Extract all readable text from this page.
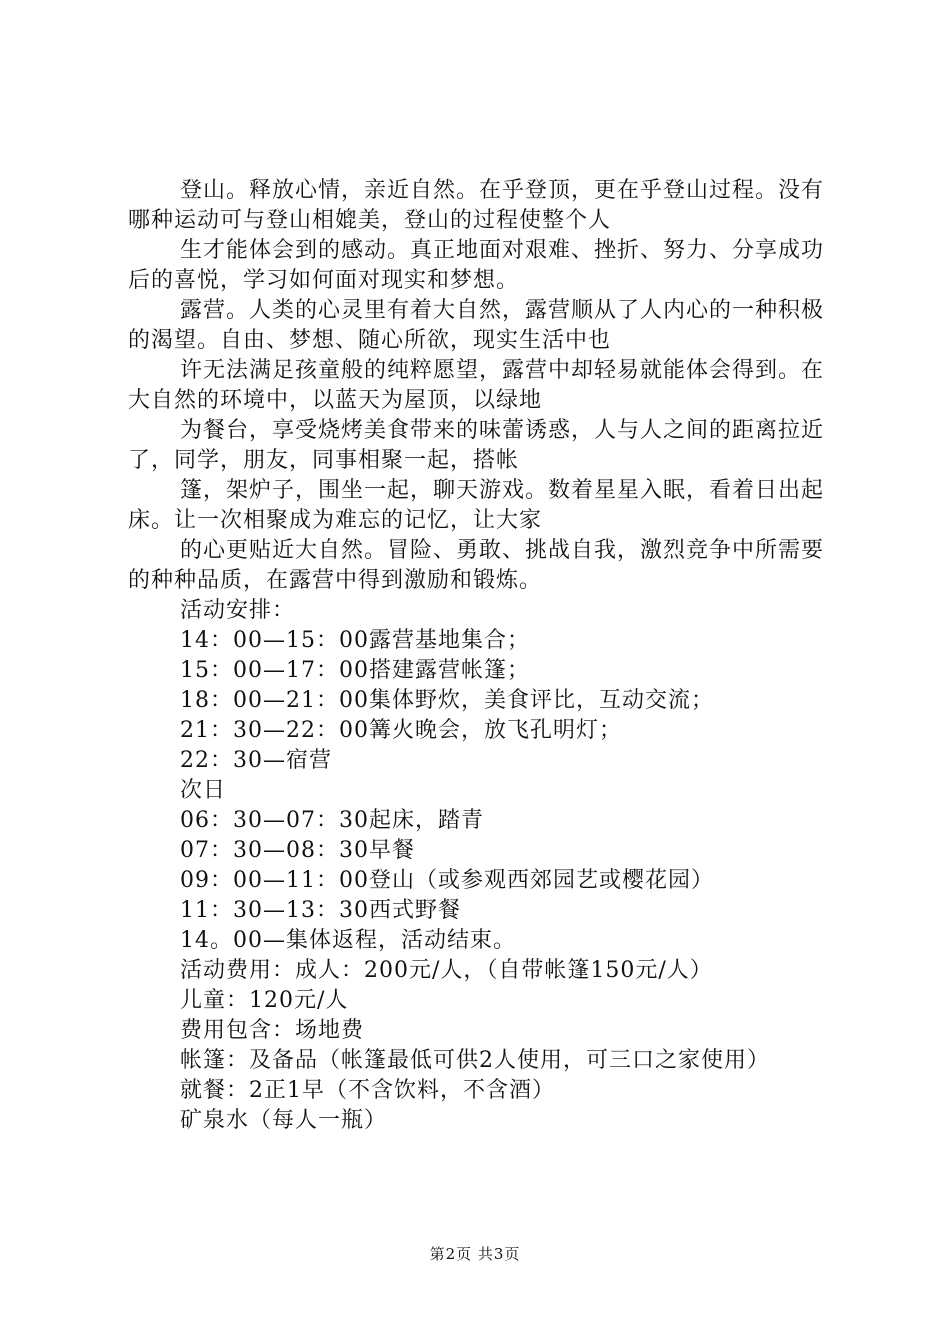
登山。释放心情，亲近自然。在乎登顶，更在乎登山过程。没有哪种运动可与登山相媲美，登山的过程使整个人

生才能体会到的感动。真正地面对艰难、挫折、努力、分享成功后的喜悦，学习如何面对现实和梦想。

露营。人类的心灵里有着大自然，露营顺从了人内心的一种积极的渴望。自由、梦想、随心所欲，现实生活中也

许无法满足孩童般的纯粹愿望，露营中却轻易就能体会得到。在大自然的环境中，以蓝天为屋顶，以绿地

为餐台，享受烧烤美食带来的味蕾诱惑，人与人之间的距离拉近了，同学，朋友，同事相聚一起，搭帐

篷，架炉子，围坐一起，聊天游戏。数着星星入眠，看着日出起床。让一次相聚成为难忘的记忆，让大家

的心更贴近大自然。冒险、勇敢、挑战自我，激烈竞争中所需要的种种品质，在露营中得到激励和锻炼。

活动安排：

14：00—15：00露营基地集合；

15：00—17：00搭建露营帐篷；

18：00—21：00集体野炊，美食评比，互动交流；

21：30—22：00篝火晚会，放飞孔明灯；

22：30—宿营

次日

06：30—07：30起床，踏青

07：30—08：30早餐

09：00—11：00登山（或参观西郊园艺或樱花园）

11：30—13：30西式野餐

14。00—集体返程，活动结束。

活动费用：成人：200元/人，（自带帐篷150元/人）

儿童：120元/人

费用包含：场地费

帐篷：及备品（帐篷最低可供2人使用，可三口之家使用）

就餐：2正1早（不含饮料，不含酒）

矿泉水（每人一瓶）

第2页 共3页
